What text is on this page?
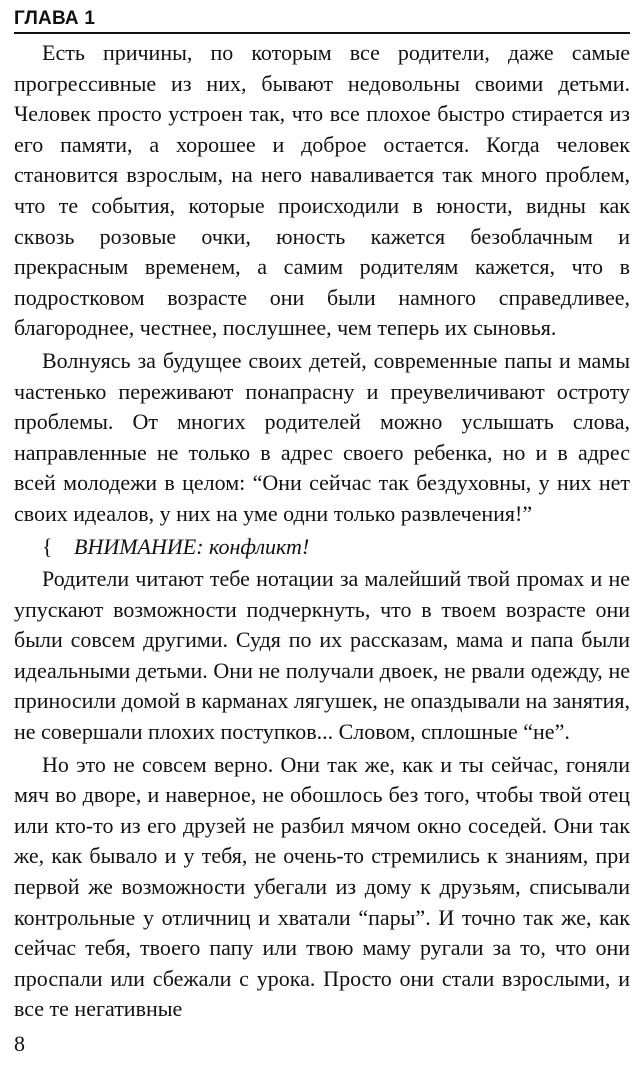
ГЛАВА 1

Есть причины, по которым все родители, даже самые прогрессивные из них, бывают недовольны своими детьми. Человек просто устроен так, что все плохое быстро стирается из его памяти, а хорошее и доброе остается. Когда человек становится взрослым, на него наваливается так много проблем, что те события, которые происходили в юности, видны как сквозь розовые очки, юность кажется безоблачным и прекрасным временем, а самим родителям кажется, что в подростковом возрасте они были намного справедливее, благороднее, честнее, послушнее, чем теперь их сыновья.

Волнуясь за будущее своих детей, современные папы и мамы частенько переживают понапрасну и преувеличивают остроту проблемы. От многих родителей можно услышать слова, направленные не только в адрес своего ребенка, но и в адрес всей молодежи в целом: “Они сейчас так бездуховны, у них нет своих идеалов, у них на уме одни только развлечения!”

{ ВНИМАНИЕ: конфликт!

Родители читают тебе нотации за малейший твой промах и не упускают возможности подчеркнуть, что в твоем возрасте они были совсем другими. Судя по их рассказам, мама и папа были идеальными детьми. Они не получали двоек, не рвали одежду, не приносили домой в карманах лягушек, не опаздывали на занятия, не совершали плохих поступков... Словом, сплошные “не”.

Но это не совсем верно. Они так же, как и ты сейчас, гоняли мяч во дворе, и наверное, не обошлось без того, чтобы твой отец или кто-то из его друзей не разбил мячом окно соседей. Они так же, как бывало и у тебя, не очень-то стремились к знаниям, при первой же возможности убегали из дому к друзьям, списывали контрольные у отличниц и хватали “пары”. И точно так же, как сейчас тебя, твоего папу или твою маму ругали за то, что они проспали или сбежали с урока. Просто они стали взрослыми, и все те негативные

8
